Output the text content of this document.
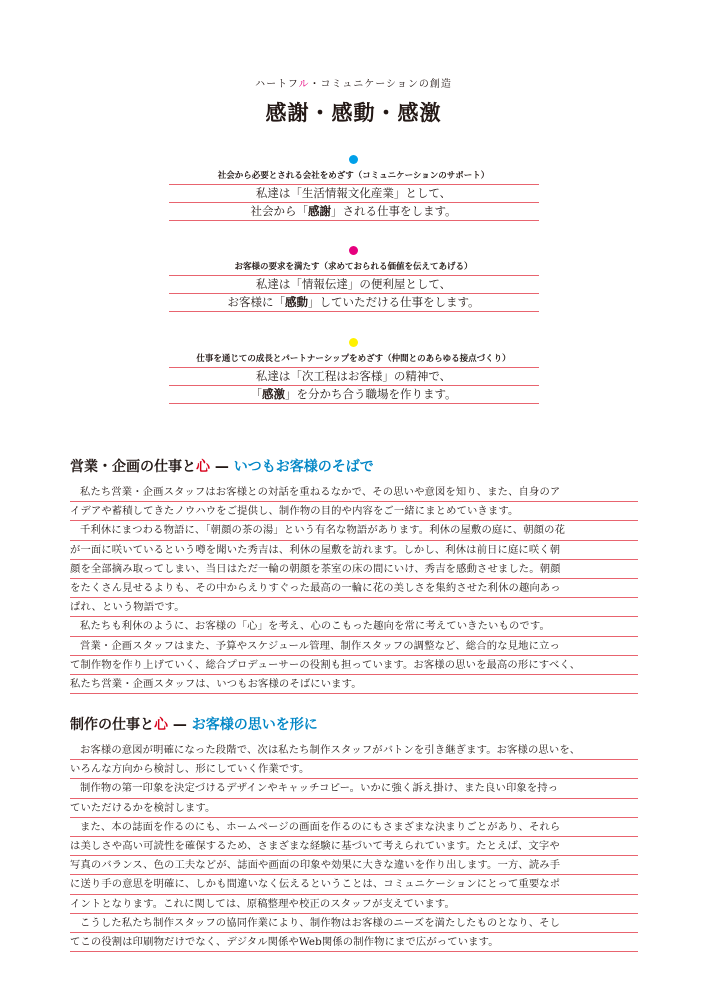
ハートフル・コミュニケーションの創造
感謝・感動・感激
社会から必要とされる会社をめざす（コミュニケーションのサポート）
私達は「生活情報文化産業」として、
社会から「感謝」される仕事をします。
お客様の要求を満たす（求めておられる価値を伝えてあげる）
私達は「情報伝達」の便利屋として、
お客様に「感動」していただける仕事をします。
仕事を通じての成長とパートナーシップをめざす（仲間とのあらゆる接点づくり）
私達は「次工程はお客様」の精神で、
「感激」を分かち合う職場を作ります。
営業・企画の仕事と心 — いつもお客様のそばで
私たち営業・企画スタッフはお客様との対話を重ねるなかで、その思いや意図を知り、また、自身のア
イデアや蓄積してきたノウハウをご提供し、制作物の目的や内容をご一緒にまとめていきます。
千利休にまつわる物語に、「朝顔の茶の湯」という有名な物語があります。利休の屋敷の庭に、朝顔の花
が一面に咲いているという噂を聞いた秀吉は、利休の屋敷を訪れます。しかし、利休は前日に庭に咲く朝
顔を全部摘み取ってしまい、当日はただ一輪の朝顔を茶室の床の間にいけ、秀吉を感動させました。朝顔
をたくさん見せるよりも、その中からえりすぐった最高の一輪に花の美しさを集約させた利休の趣向あっ
ぱれ、という物語です。
私たちも利休のように、お客様の「心」を考え、心のこもった趣向を常に考えていきたいものです。
営業・企画スタッフはまた、予算やスケジュール管理、制作スタッフの調整など、総合的な見地に立っ
て制作物を作り上げていく、総合プロデューサーの役割も担っています。お客様の思いを最高の形にすべく、
私たち営業・企画スタッフは、いつもお客様のそばにいます。
制作の仕事と心 — お客様の思いを形に
お客様の意図が明確になった段階で、次は私たち制作スタッフがバトンを引き継ぎます。お客様の思いを、
いろんな方向から検討し、形にしていく作業です。
制作物の第一印象を決定づけるデザインやキャッチコピー。いかに強く訴え掛け、また良い印象を持っ
ていただけるかを検討します。
また、本の誌面を作るのにも、ホームページの画面を作るのにもさまざまな決まりごとがあり、それら
は美しさや高い可読性を確保するため、さまざまな経験に基づいて考えられています。たとえば、文字や
写真のバランス、色の工夫などが、誌面や画面の印象や効果に大きな違いを作り出します。一方、読み手
に送り手の意思を明確に、しかも間違いなく伝えるということは、コミュニケーションにとって重要なポ
イントとなります。これに関しては、原稿整理や校正のスタッフが支えています。
こうした私たち制作スタッフの協同作業により、制作物はお客様のニーズを満たしたものとなり、そし
てこの役割は印刷物だけでなく、デジタル関係やWeb関係の制作物にまで広がっています。
